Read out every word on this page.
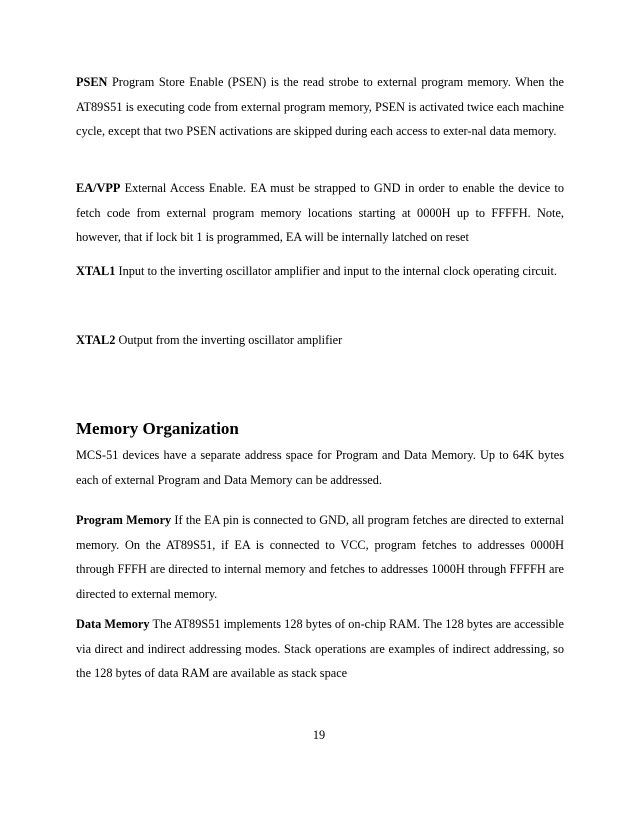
PSEN Program Store Enable (PSEN) is the read strobe to external program memory. When the AT89S51 is executing code from external program memory, PSEN is activated twice each machine cycle, except that two PSEN activations are skipped during each access to exter-nal data memory.

EA/VPP External Access Enable. EA must be strapped to GND in order to enable the device to fetch code from external program memory locations starting at 0000H up to FFFFH. Note, however, that if lock bit 1 is programmed, EA will be internally latched on reset

XTAL1 Input to the inverting oscillator amplifier and input to the internal clock operating circuit.

XTAL2 Output from the inverting oscillator amplifier

Memory Organization

MCS-51 devices have a separate address space for Program and Data Memory. Up to 64K bytes each of external Program and Data Memory can be addressed.

Program Memory If the EA pin is connected to GND, all program fetches are directed to external memory. On the AT89S51, if EA is connected to VCC, program fetches to addresses 0000H through FFFH are directed to internal memory and fetches to addresses 1000H through FFFFH are directed to external memory.

Data Memory The AT89S51 implements 128 bytes of on-chip RAM. The 128 bytes are accessible via direct and indirect addressing modes. Stack operations are examples of indirect addressing, so the 128 bytes of data RAM are available as stack space

19
